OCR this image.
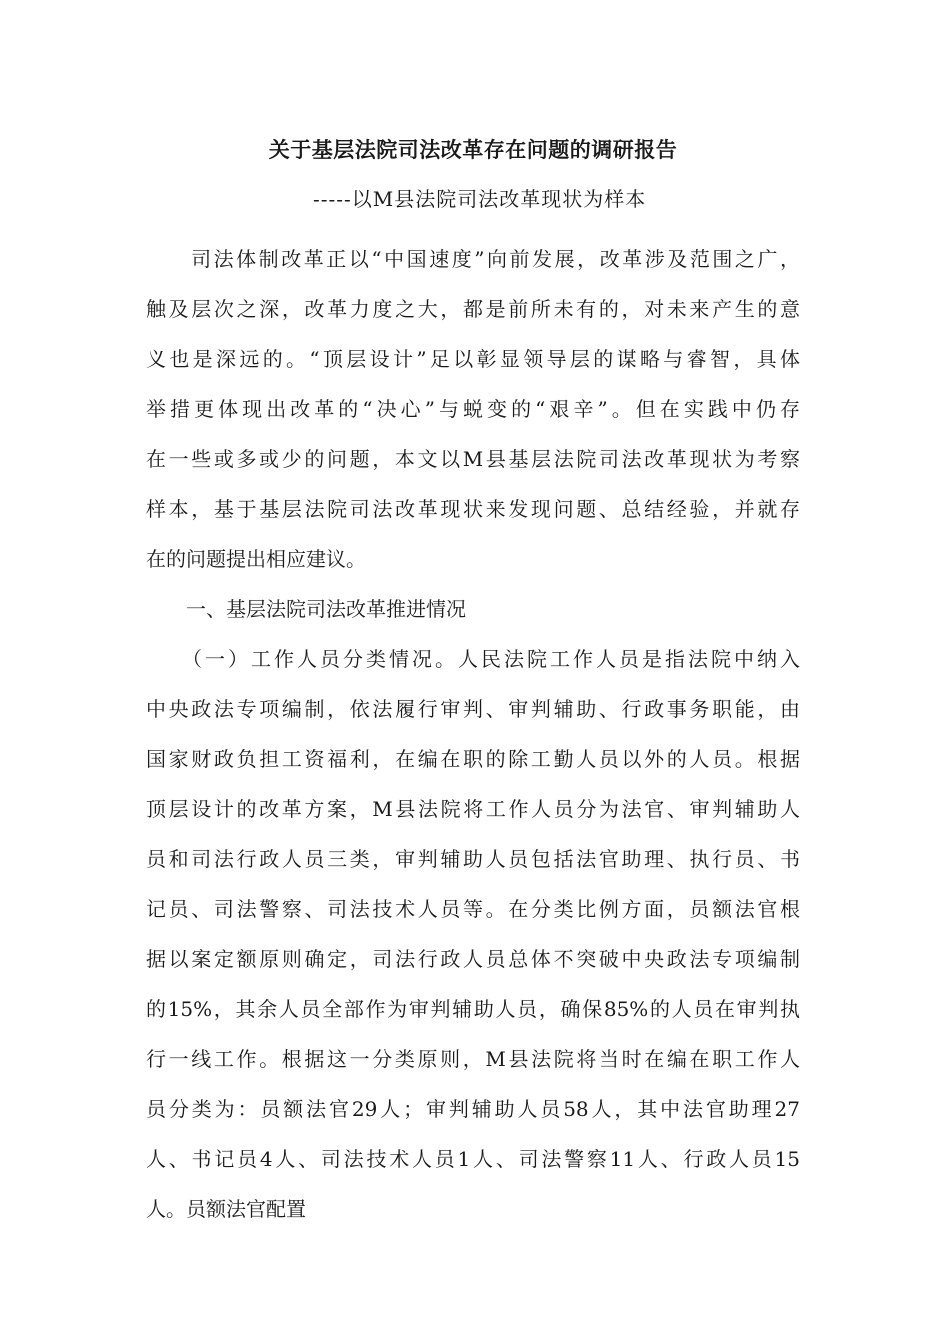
关于基层法院司法改革存在问题的调研报告
-----以M县法院司法改革现状为样本
　　司法体制改革正以“中国速度”向前发展，改革涉及范围之广，
触及层次之深，改革力度之大，都是前所未有的，对未来产生的意
义也是深远的。“顶层设计”足以彰显领导层的谋略与睿智，具体
举措更体现出改革的“决心”与蜕变的“艰辛”。但在实践中仍存
在一些或多或少的问题，本文以M县基层法院司法改革现状为考察
样本，基于基层法院司法改革现状来发现问题、总结经验，并就存
在的问题提出相应建议。
　　一、基层法院司法改革推进情况
　　（一）工作人员分类情况。人民法院工作人员是指法院中纳入
中央政法专项编制，依法履行审判、审判辅助、行政事务职能，由
国家财政负担工资福利，在编在职的除工勤人员以外的人员。根据
顶层设计的改革方案，M县法院将工作人员分为法官、审判辅助人
员和司法行政人员三类，审判辅助人员包括法官助理、执行员、书
记员、司法警察、司法技术人员等。在分类比例方面，员额法官根
据以案定额原则确定，司法行政人员总体不突破中央政法专项编制
的15%，其余人员全部作为审判辅助人员，确保85%的人员在审判执
行一线工作。根据这一分类原则，M县法院将当时在编在职工作人
员分类为：员额法官29人；审判辅助人员58人，其中法官助理27
人、书记员4人、司法技术人员1人、司法警察11人、行政人员15
人。员额法官配置
